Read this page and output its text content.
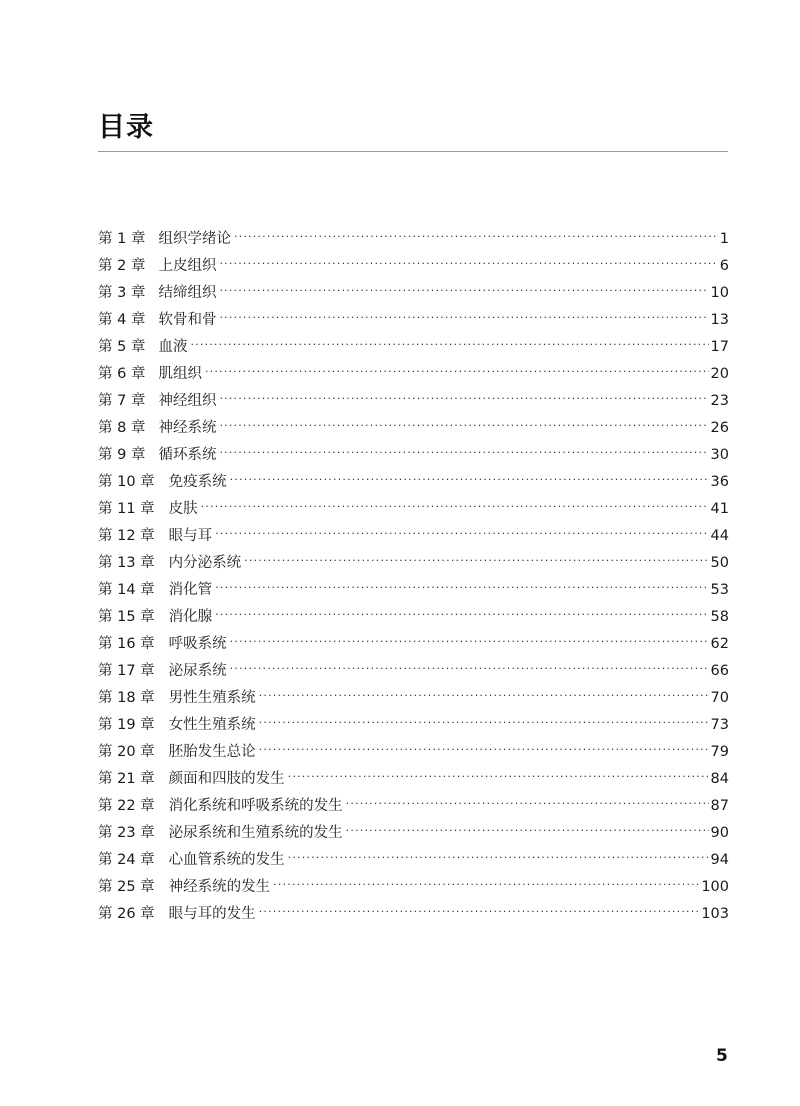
目录
第 1 章 组织学绪论 ·····	1
第 2 章 上皮组织 ·····	6
第 3 章 结缔组织 ·····	10
第 4 章 软骨和骨 ·····	13
第 5 章 血液 ·····	17
第 6 章 肌组织 ·····	20
第 7 章 神经组织 ·····	23
第 8 章 神经系统 ·····	26
第 9 章 循环系统 ·····	30
第 10 章 免疫系统 ·····	36
第 11 章 皮肤 ·····	41
第 12 章 眼与耳 ·····	44
第 13 章 内分泌系统 ·····	50
第 14 章 消化管 ·····	53
第 15 章 消化腺 ·····	58
第 16 章 呼吸系统 ·····	62
第 17 章 泌尿系统 ·····	66
第 18 章 男性生殖系统 ·····	70
第 19 章 女性生殖系统 ·····	73
第 20 章 胚胎发生总论 ·····	79
第 21 章 颜面和四肢的发生 ·····	84
第 22 章 消化系统和呼吸系统的发生 ·····	87
第 23 章 泌尿系统和生殖系统的发生 ·····	90
第 24 章 心血管系统的发生 ·····	94
第 25 章 神经系统的发生 ·····	100
第 26 章 眼与耳的发生 ·····	103
5
